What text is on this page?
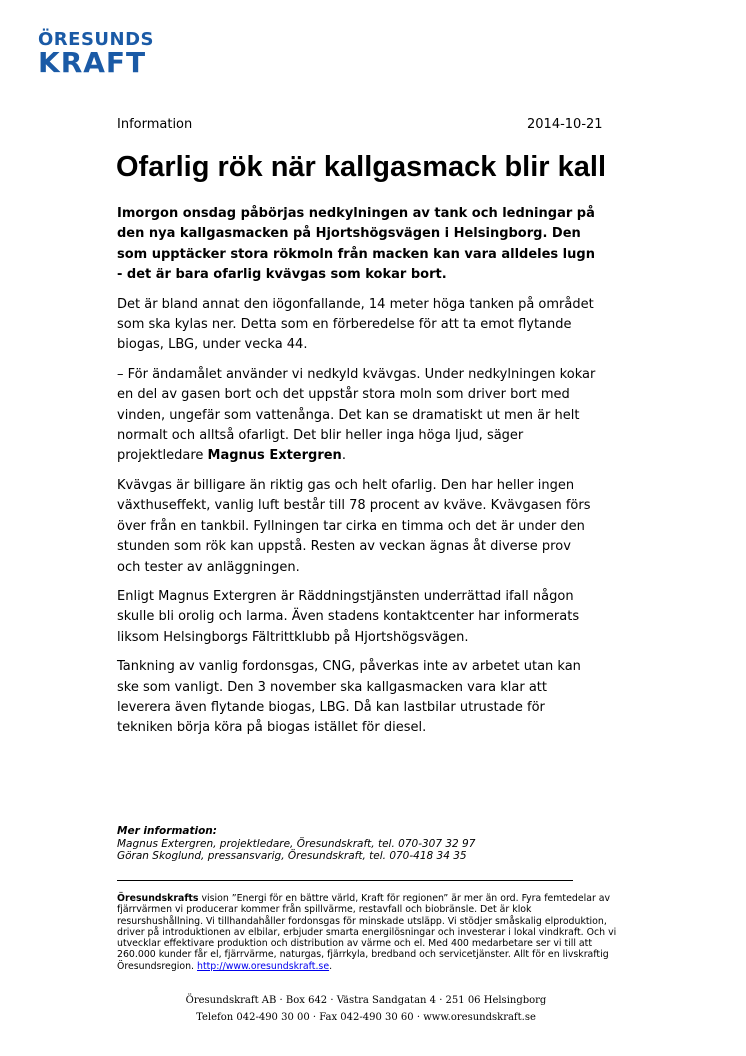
ÖRESUNDS
KRAFT
Information	2014-10-21
Ofarlig rök när kallgasmack blir kall

Imorgon onsdag påbörjas nedkylningen av tank och ledningar på den nya kallgasmacken på Hjortshögsvägen i Helsingborg. Den som upptäcker stora rökmoln från macken kan vara alldeles lugn - det är bara ofarlig kvävgas som kokar bort.

Det är bland annat den iögonfallande, 14 meter höga tanken på området som ska kylas ner. Detta som en förberedelse för att ta emot flytande biogas, LBG, under vecka 44.

– För ändamålet använder vi nedkyld kvävgas. Under nedkylningen kokar en del av gasen bort och det uppstår stora moln som driver bort med vinden, ungefär som vattenånga. Det kan se dramatiskt ut men är helt normalt och alltså ofarligt. Det blir heller inga höga ljud, säger projektledare Magnus Extergren.

Kvävgas är billigare än riktig gas och helt ofarlig. Den har heller ingen växthuseffekt, vanlig luft består till 78 procent av kväve. Kvävgasen förs över från en tankbil. Fyllningen tar cirka en timma och det är under den stunden som rök kan uppstå. Resten av veckan ägnas åt diverse prov och tester av anläggningen.

Enligt Magnus Extergren är Räddningstjänsten underrättad ifall någon skulle bli orolig och larma. Även stadens kontaktcenter har informerats liksom Helsingborgs Fältrittklubb på Hjortshögsvägen.

Tankning av vanlig fordonsgas, CNG, påverkas inte av arbetet utan kan ske som vanligt. Den 3 november ska kallgasmacken vara klar att leverera även flytande biogas, LBG. Då kan lastbilar utrustade för tekniken börja köra på biogas istället för diesel.

Mer information:
Magnus Extergren, projektledare, Öresundskraft, tel. 070-307 32 97
Göran Skoglund, pressansvarig, Öresundskraft, tel. 070-418 34 35
Öresundskrafts vision ”Energi för en bättre värld, Kraft för regionen” är mer än ord. Fyra femtedelar av fjärrvärmen vi producerar kommer från spillvärme, restavfall och biobränsle. Det är klok resurshushållning. Vi tillhandahåller fordonsgas för minskade utsläpp. Vi stödjer småskalig elproduktion, driver på introduktionen av elbilar, erbjuder smarta energilösningar och investerar i lokal vindkraft. Och vi utvecklar effektivare produktion och distribution av värme och el. Med 400 medarbetare ser vi till att 260.000 kunder får el, fjärrvärme, naturgas, fjärrkyla, bredband och servicetjänster. Allt för en livskraftig Öresundsregion. http://www.oresundskraft.se.
Öresundskraft AB · Box 642 · Västra Sandgatan 4 · 251 06 Helsingborg
Telefon 042-490 30 00 · Fax 042-490 30 60 · www.oresundskraft.se
